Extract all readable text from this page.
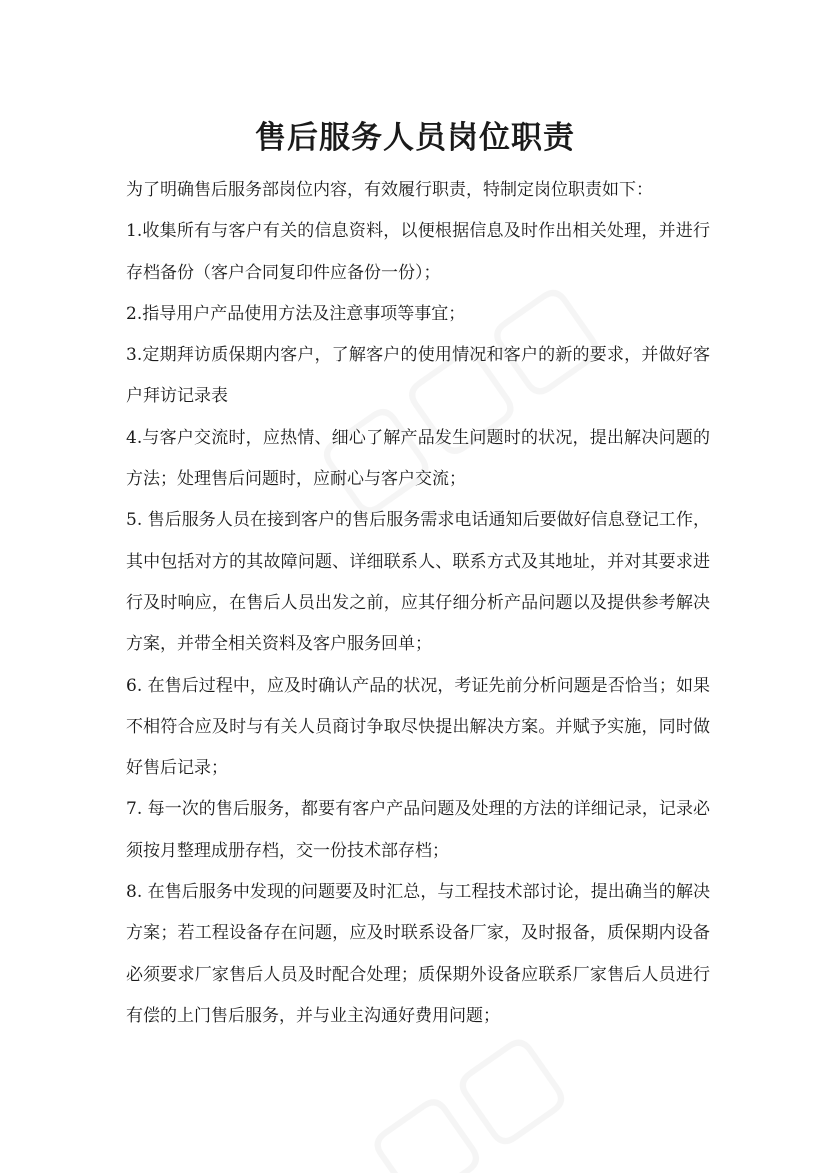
售后服务人员岗位职责

为了明确售后服务部岗位内容，有效履行职责，特制定岗位职责如下：

1.收集所有与客户有关的信息资料，以便根据信息及时作出相关处理，并进行存档备份（客户合同复印件应备份一份）；

2.指导用户产品使用方法及注意事项等事宜；

3.定期拜访质保期内客户，了解客户的使用情况和客户的新的要求，并做好客户拜访记录表

4.与客户交流时，应热情、细心了解产品发生问题时的状况，提出解决问题的方法；处理售后问题时，应耐心与客户交流；

5. 售后服务人员在接到客户的售后服务需求电话通知后要做好信息登记工作，其中包括对方的其故障问题、详细联系人、联系方式及其地址，并对其要求进行及时响应，在售后人员出发之前，应其仔细分析产品问题以及提供参考解决方案，并带全相关资料及客户服务回单；

6. 在售后过程中，应及时确认产品的状况，考证先前分析问题是否恰当；如果不相符合应及时与有关人员商讨争取尽快提出解决方案。并赋予实施，同时做好售后记录；

7. 每一次的售后服务，都要有客户产品问题及处理的方法的详细记录，记录必须按月整理成册存档，交一份技术部存档；

8. 在售后服务中发现的问题要及时汇总，与工程技术部讨论，提出确当的解决方案；若工程设备存在问题，应及时联系设备厂家，及时报备，质保期内设备必须要求厂家售后人员及时配合处理；质保期外设备应联系厂家售后人员进行有偿的上门售后服务，并与业主沟通好费用问题；
